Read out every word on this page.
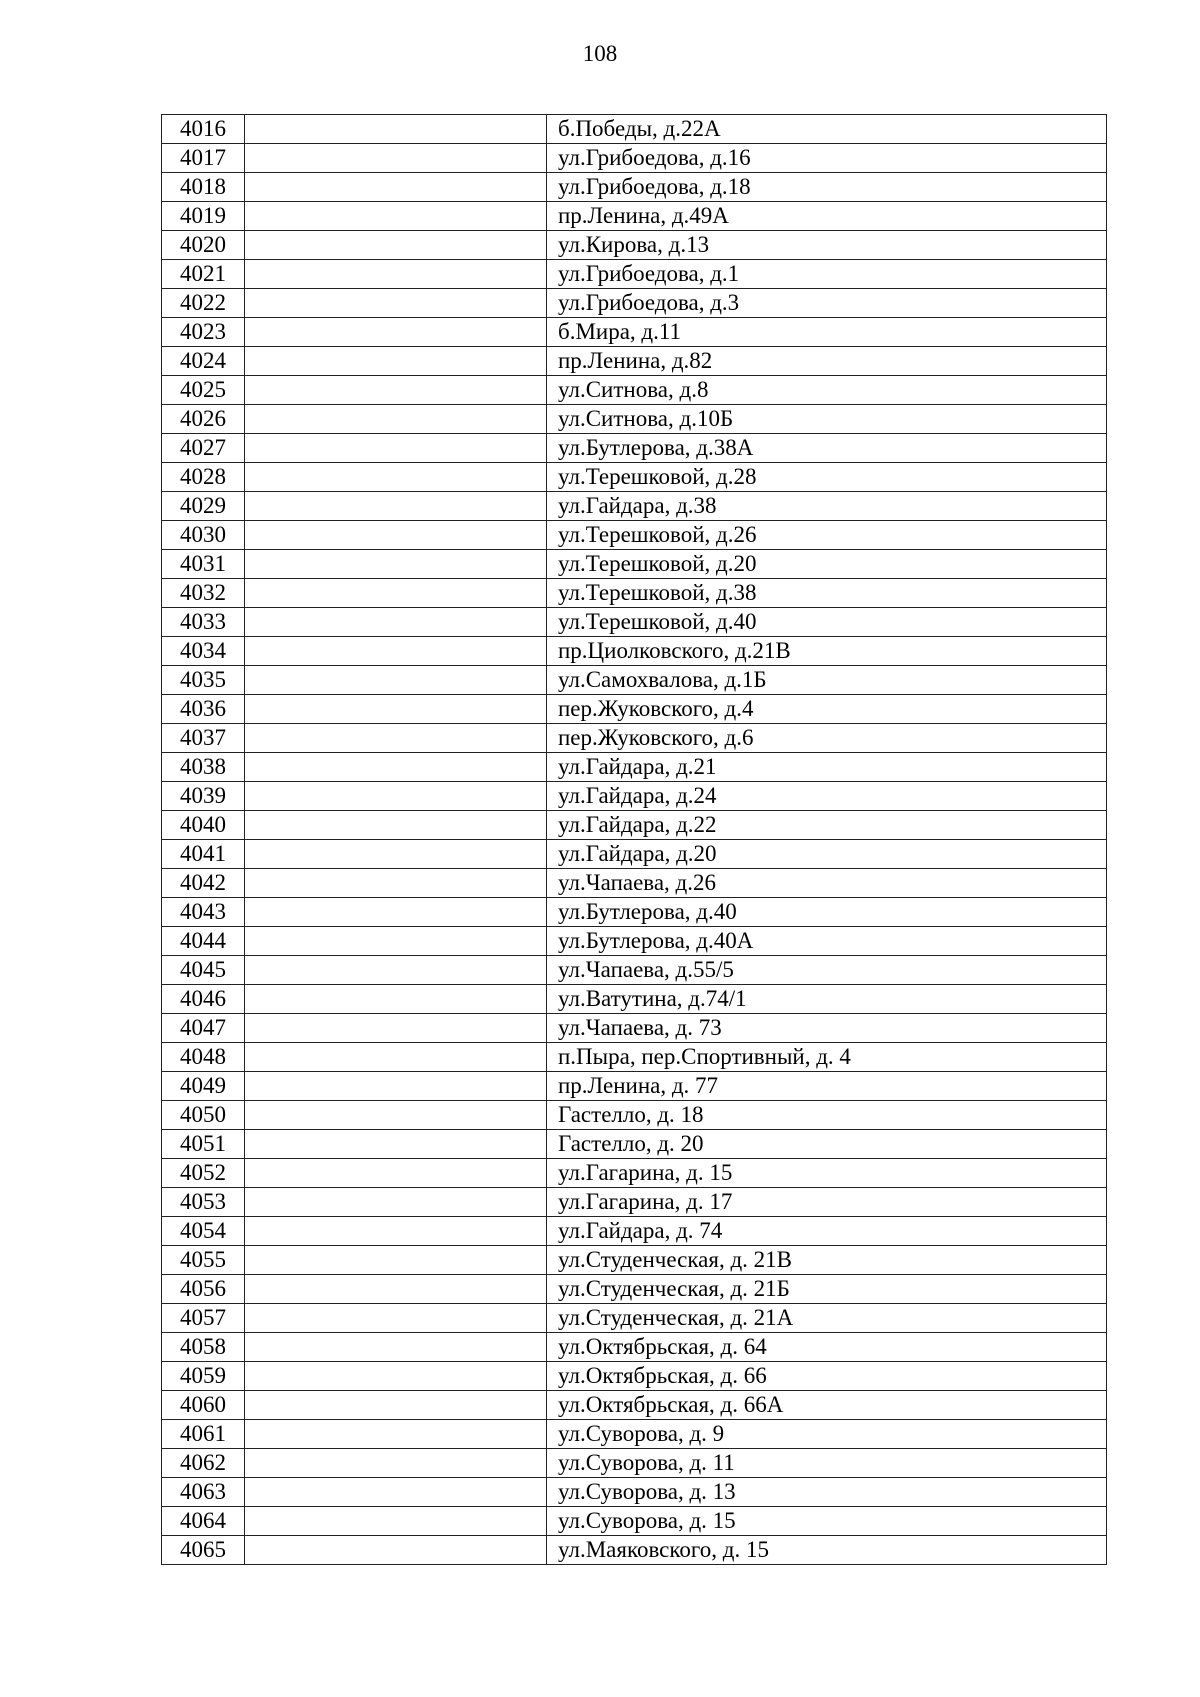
108
4016		б.Победы, д.22А
4017		ул.Грибоедова, д.16
4018		ул.Грибоедова, д.18
4019		пр.Ленина, д.49А
4020		ул.Кирова, д.13
4021		ул.Грибоедова, д.1
4022		ул.Грибоедова, д.3
4023		б.Мира, д.11
4024		пр.Ленина, д.82
4025		ул.Ситнова, д.8
4026		ул.Ситнова, д.10Б
4027		ул.Бутлерова, д.38А
4028		ул.Терешковой, д.28
4029		ул.Гайдара, д.38
4030		ул.Терешковой, д.26
4031		ул.Терешковой, д.20
4032		ул.Терешковой, д.38
4033		ул.Терешковой, д.40
4034		пр.Циолковского, д.21В
4035		ул.Самохвалова, д.1Б
4036		пер.Жуковского, д.4
4037		пер.Жуковского, д.6
4038		ул.Гайдара, д.21
4039		ул.Гайдара, д.24
4040		ул.Гайдара, д.22
4041		ул.Гайдара, д.20
4042		ул.Чапаева, д.26
4043		ул.Бутлерова, д.40
4044		ул.Бутлерова, д.40А
4045		ул.Чапаева, д.55/5
4046		ул.Ватутина, д.74/1
4047		ул.Чапаева, д. 73
4048		п.Пыра, пер.Спортивный, д. 4
4049		пр.Ленина, д. 77
4050		Гастелло, д. 18
4051		Гастелло, д. 20
4052		ул.Гагарина, д. 15
4053		ул.Гагарина, д. 17
4054		ул.Гайдара, д. 74
4055		ул.Студенческая, д. 21В
4056		ул.Студенческая, д. 21Б
4057		ул.Студенческая, д. 21А
4058		ул.Октябрьская, д. 64
4059		ул.Октябрьская, д. 66
4060		ул.Октябрьская, д. 66А
4061		ул.Суворова, д. 9
4062		ул.Суворова, д. 11
4063		ул.Суворова, д. 13
4064		ул.Суворова, д. 15
4065		ул.Маяковского, д. 15
